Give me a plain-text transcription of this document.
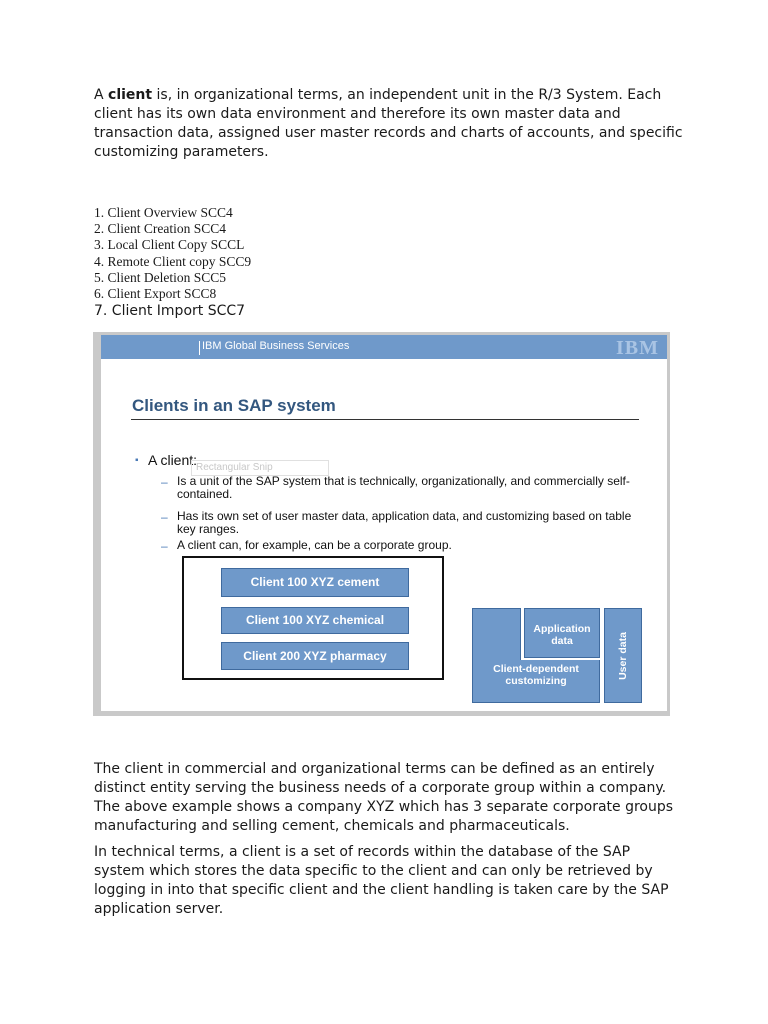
A client is, in organizational terms, an independent unit in the R/3 System. Each client has its own data environment and therefore its own master data and transaction data, assigned user master records and charts of accounts, and specific customizing parameters.

1. Client Overview SCC4
2. Client Creation SCC4
3. Local Client Copy SCCL
4. Remote Client copy SCC9
5. Client Deletion SCC5
6. Client Export SCC8
7. Client Import SCC7
IBM Global Business Services	IBM
Clients in an SAP system
▪ A client:
Rectangular Snip
– Is a unit of the SAP system that is technically, organizationally, and commercially self- contained.
– Has its own set of user master data, application data, and customizing based on table key ranges.
– A client can, for example, can be a corporate group.
Client 100 XYZ cement
Client 100 XYZ chemical
Client 200 XYZ pharmacy
Application data
Client-dependent customizing
User data

The client in commercial and organizational terms can be defined as an entirely distinct entity serving the business needs of a corporate group within a company. The above example shows a company XYZ which has 3 separate corporate groups manufacturing and selling cement, chemicals and pharmaceuticals.

In technical terms, a client is a set of records within the database of the SAP system which stores the data specific to the client and can only be retrieved by logging in into that specific client and the client handling is taken care by the SAP application server.
